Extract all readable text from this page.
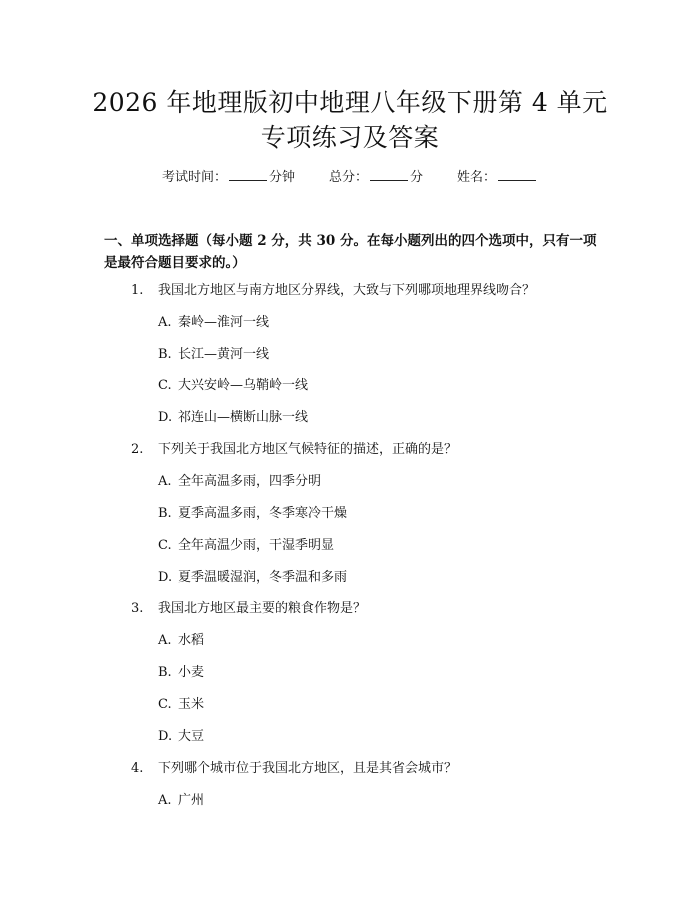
2026 年地理版初中地理八年级下册第 4 单元
专项练习及答案
考试时间：	分钟	总分：	分	姓名：
一、单项选择题（每小题 2 分，共 30 分。在每小题列出的四个选项中，只有一项
是最符合题目要求的。）
1. 我国北方地区与南方地区分界线，大致与下列哪项地理界线吻合？
A. 秦岭—淮河一线
B. 长江—黄河一线
C. 大兴安岭—乌鞘岭一线
D. 祁连山—横断山脉一线
2. 下列关于我国北方地区气候特征的描述，正确的是？
A. 全年高温多雨，四季分明
B. 夏季高温多雨，冬季寒冷干燥
C. 全年高温少雨，干湿季明显
D. 夏季温暖湿润，冬季温和多雨
3. 我国北方地区最主要的粮食作物是？
A. 水稻
B. 小麦
C. 玉米
D. 大豆
4. 下列哪个城市位于我国北方地区，且是其省会城市？
A. 广州
